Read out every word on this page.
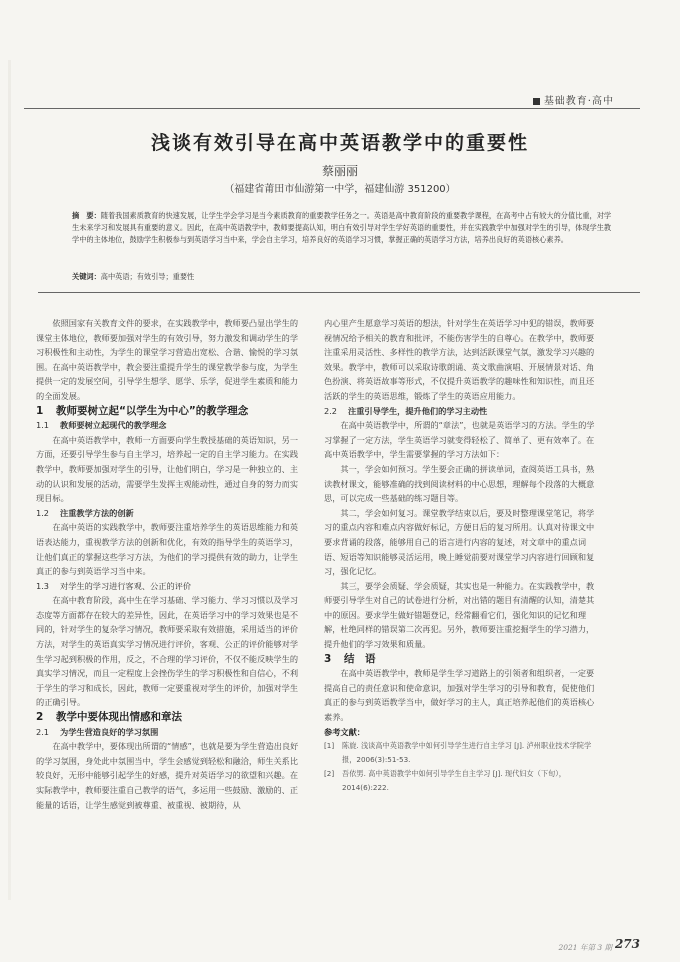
基础教育·高中
浅谈有效引导在高中英语教学中的重要性
蔡丽丽
（福建省莆田市仙游第一中学，福建仙游 351200）
摘　要：随着我国素质教育的快速发展，让学生学会学习是当今素质教育的重要教学任务之一。英语是高中教育阶段的重要教学课程，在高考中占有较大的分值比重，对学生未来学习和发展具有重要的意义。因此，在高中英语教学中，教师要提高认知，明白有效引导对学生学好英语的重要性，并在实践教学中加强对学生的引导，体现学生教学中的主体地位，鼓励学生积极参与到英语学习当中来，学会自主学习，培养良好的英语学习习惯，掌握正确的英语学习方法，培养出良好的英语核心素养。
关键词：高中英语；有效引导；重要性

依照国家有关教育文件的要求，在实践教学中，教师要凸显出学生的课堂主体地位，教师要加强对学生的有效引导，努力激发和调动学生的学习积极性和主动性，为学生的课堂学习营造出宽松、合谐、愉悦的学习氛围。在高中英语教学中，教会要注重提升学生的课堂教学参与度，为学生提供一定的发展空间，引导学生想学、愿学、乐学，促进学生素质和能力的全面发展。

1 教师要树立起“以学生为中心”的教学理念

1.1 教师要树立起现代的教学理念

在高中英语教学中，教师一方面要向学生教授基础的英语知识，另一方面，还要引导学生参与自主学习，培养起一定的自主学习能力。在实践教学中，教师要加强对学生的引导，让他们明白，学习是一种独立的、主动的认识和发展的活动，需要学生发挥主观能动性，通过自身的努力而实现目标。

1.2 注重教学方法的创新

在高中英语的实践教学中，教师要注重培养学生的英语思维能力和英语表达能力，重视教学方法的创新和优化，有效的指导学生的英语学习，让他们真正的掌握这些学习方法，为他们的学习提供有效的助力，让学生真正的参与到英语学习当中来。

1.3 对学生的学习进行客观、公正的评价

在高中教育阶段，高中生在学习基础、学习能力、学习习惯以及学习态度等方面都存在较大的差异性，因此，在英语学习中的学习效果也是不同的，针对学生的复杂学习情况，教师要采取有效措施，采用适当的评价方法，对学生的英语真实学习情况进行评价，客观、公正的评价能够对学生学习起到积极的作用，反之，不合理的学习评价，不仅不能反映学生的真实学习情况，而且一定程度上会挫伤学生的学习积极性和自信心，不利于学生的学习和成长，因此，教师一定要重视对学生的评价，加强对学生的正确引导。

2 教学中要体现出情感和章法

2.1 为学生营造良好的学习氛围

在高中教学中，要体现出所谓的“情感”，也就是要为学生营造出良好的学习氛围，身处此中氛围当中，学生会感觉到轻松和融洽，师生关系比较良好，无形中能够引起学生的好感，提升对英语学习的欲望和兴趣。在实际教学中，教师要注重自己教学的语气，多运用一些鼓励、激励的、正能量的话语，让学生感觉到被尊重、被重视、被期待，从

内心里产生愿意学习英语的想法，针对学生在英语学习中犯的错误，教师要视情况给予相关的教育和批评，不能伤害学生的自尊心。在教学中，教师要注重采用灵活性、多样性的教学方法，达到活跃课堂气氛，激发学习兴趣的效果。教学中，教师可以采取诗歌朗诵、英文歌曲演唱、开展情景对话、角色扮演、将英语故事等形式，不仅提升英语教学的趣味性和知识性，而且还活跃的学生的英语思维，锻炼了学生的英语应用能力。

2.2 注重引导学生，提升他们的学习主动性

在高中英语教学中，所谓的“章法”，也就是英语学习的方法。学生的学习掌握了一定方法，学生英语学习就变得轻松了、简单了、更有效率了。在高中英语教学中，学生需要掌握的学习方法如下：

其一，学会如何预习。学生要会正确的拼读单词，查阅英语工具书，熟读教材课文，能够准确的找到阅读材料的中心思想，理解每个段落的大概意思，可以完成一些基础的练习题目等。

其二，学会如何复习。课堂教学结束以后，要及时整理课堂笔记，将学习的重点内容和难点内容做好标记，方便日后的复习所用。认真对待课文中要求背诵的段落，能够用自己的语言进行内容的复述，对文章中的重点词语、短语等知识能够灵活运用，晚上睡觉前要对课堂学习内容进行回顾和复习，强化记忆。

其三，要学会质疑、学会质疑，其实也是一种能力。在实践教学中，教师要引导学生对自己的试卷进行分析，对出错的题目有清醒的认知，清楚其中的原因。要求学生做好错题登记，经常翻看它们，强化知识的记忆和理解，杜绝同样的错误第二次再犯。另外，教师要注重挖掘学生的学习潜力，提升他们的学习效果和质量。

3 结　语

在高中英语教学中，教师是学生学习道路上的引领者和组织者，一定要提高自己的责任意识和使命意识，加强对学生学习的引导和教育，促使他们真正的参与到英语教学当中，做好学习的主人，真正培养起他们的英语核心素养。

参考文献：

[1] 陈旋. 浅谈高中英语教学中如何引导学生进行自主学习 [J]. 泸州职业技术学院学报，2006(3):51-53.

[2] 吾依男. 高中英语教学中如何引导学生自主学习 [J]. 现代妇女（下旬），2014(6):222.

2021 年第 3 期 273
